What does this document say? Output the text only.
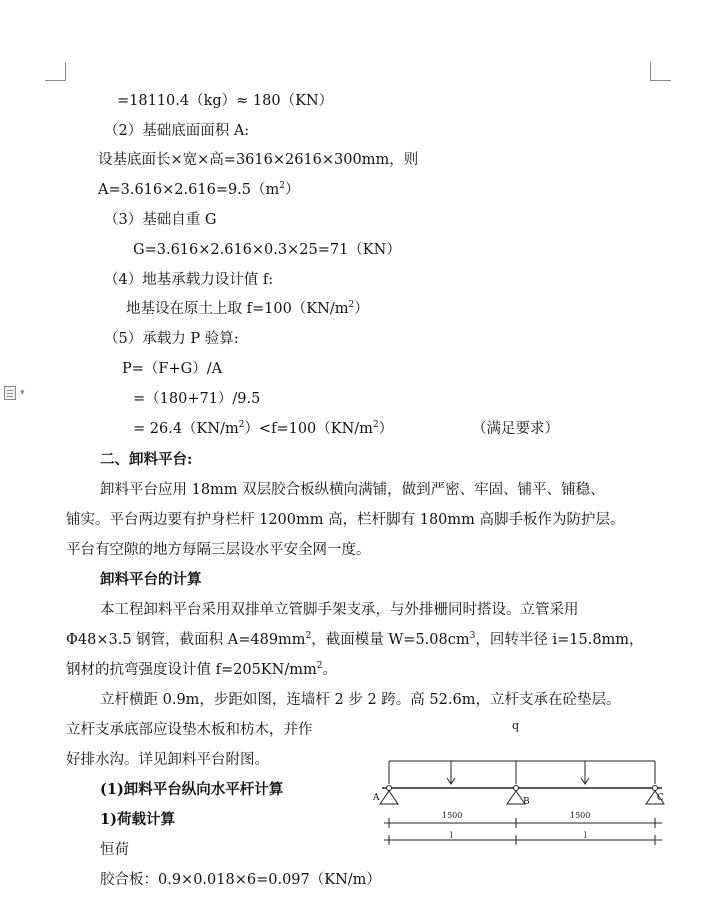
▾
=18110.4（kg）≈ 180（KN）
（2）基础底面面积 A:
设基底面长×宽×高=3616×2616×300mm，则
$A=3.616\times 2.616=9.5(m^2)$
（3）基础自重 G
G=3.616×2.616×0.3×25=71（KN）
（4）地基承载力设计值 f:
地基设在原土上取 $f=100(KN/m^2)$
（5）承载力 P 验算:
P=（F+G）/A
=（180+71）/9.5
= $26.4(KN/m^2)<f=100(KN/m^2)$	（满足要求）
二、卸料平台:
卸料平台应用 18mm 双层胶合板纵横向满铺，做到严密、牢固、铺平、铺稳、
铺实。平台两边要有护身栏杆 1200mm 高，栏杆脚有 180mm 高脚手板作为防护层。
平台有空隙的地方每隔三层设水平安全网一度。
卸料平台的计算
本工程卸料平台采用双排单立管脚手架支承，与外排栅同时搭设。立管采用
Φ48×3.5 钢管，截面积 $A=489mm^2$，截面模量 $W=5.08cm^3$，回转半径 i=15.8mm，
钢材的抗弯强度设计值 $f=205KN/mm^2$。
立杆横距 0.9m，步距如图，连墙杆 2 步 2 跨。高 52.6m，立杆支承在砼垫层。
立杆支承底部应设垫木板和枋木，并作
好排水沟。详见卸料平台附图。
(1)卸料平台纵向水平杆计算
1)荷载计算
恒荷
胶合板：0.9×0.018×6=0.097（KN/m）
q
A	B	C
1500	1500
l	l
